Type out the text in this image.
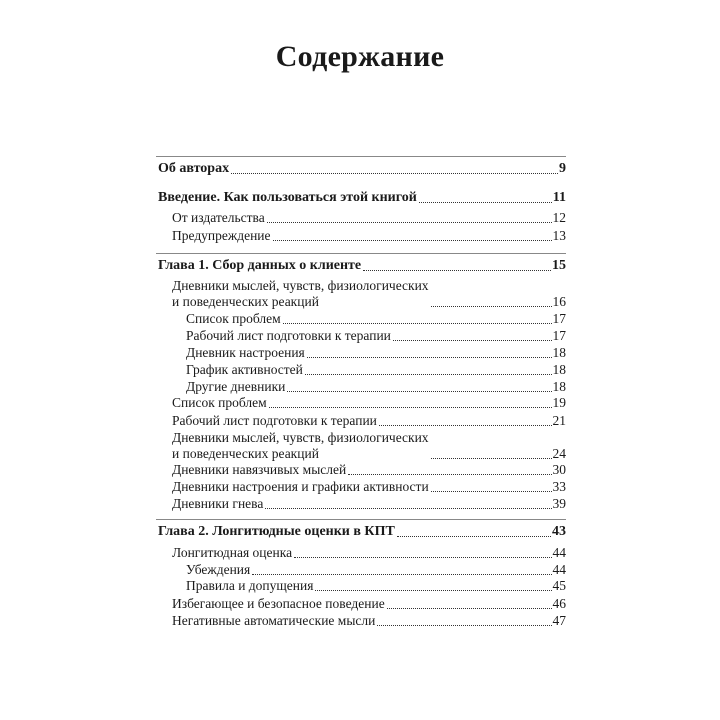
Содержание
Об авторах	9
Введение. Как пользоваться этой книгой	11
От издательства	12
Предупреждение	13
Глава 1. Сбор данных о клиенте	15
Дневники мыслей, чувств, физиологических
и поведенческих реакций	16
Список проблем	17
Рабочий лист подготовки к терапии	17
Дневник настроения	18
График активностей	18
Другие дневники	18
Список проблем	19
Рабочий лист подготовки к терапии	21
Дневники мыслей, чувств, физиологических
и поведенческих реакций	24
Дневники навязчивых мыслей	30
Дневники настроения и графики активности	33
Дневники гнева	39
Глава 2. Лонгитюдные оценки в КПТ	43
Лонгитюдная оценка	44
Убеждения	44
Правила и допущения	45
Избегающее и безопасное поведение	46
Негативные автоматические мысли	47
